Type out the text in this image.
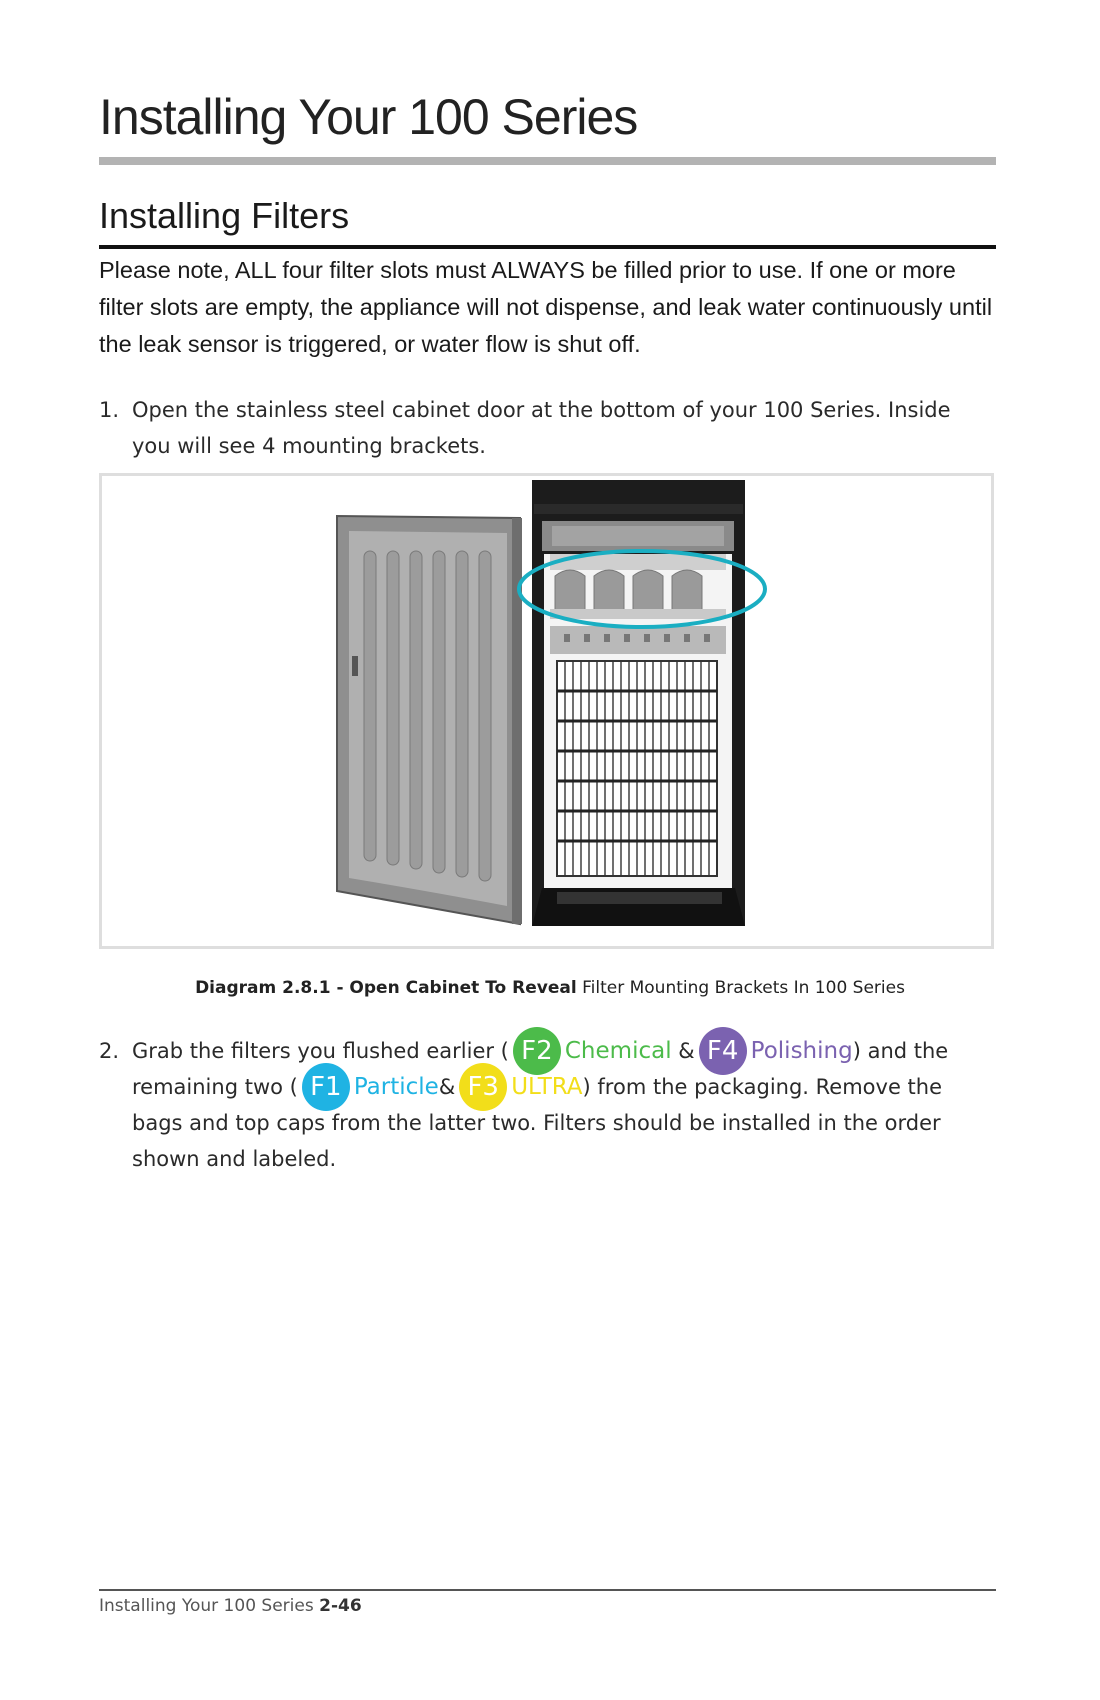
Installing Your 100 Series
Installing Filters

Please note, ALL four filter slots must ALWAYS be filled prior to use. If one or more filter slots are empty, the appliance will not dispense, and leak water continuously until the leak sensor is triggered, or water flow is shut off.

1. Open the stainless steel cabinet door at the bottom of your 100 Series. Inside you will see 4 mounting brackets.
Diagram 2.8.1 - Open Cabinet To Reveal Filter Mounting Brackets In 100 Series
2. Grab the filters you flushed earlier ( F2 Chemical & F4 Polishing) and the remaining two ( F1 Particle& F3 ULTRA) from the packaging. Remove the bags and top caps from the latter two. Filters should be installed in the order shown and labeled.
Installing Your 100 Series 2-46
